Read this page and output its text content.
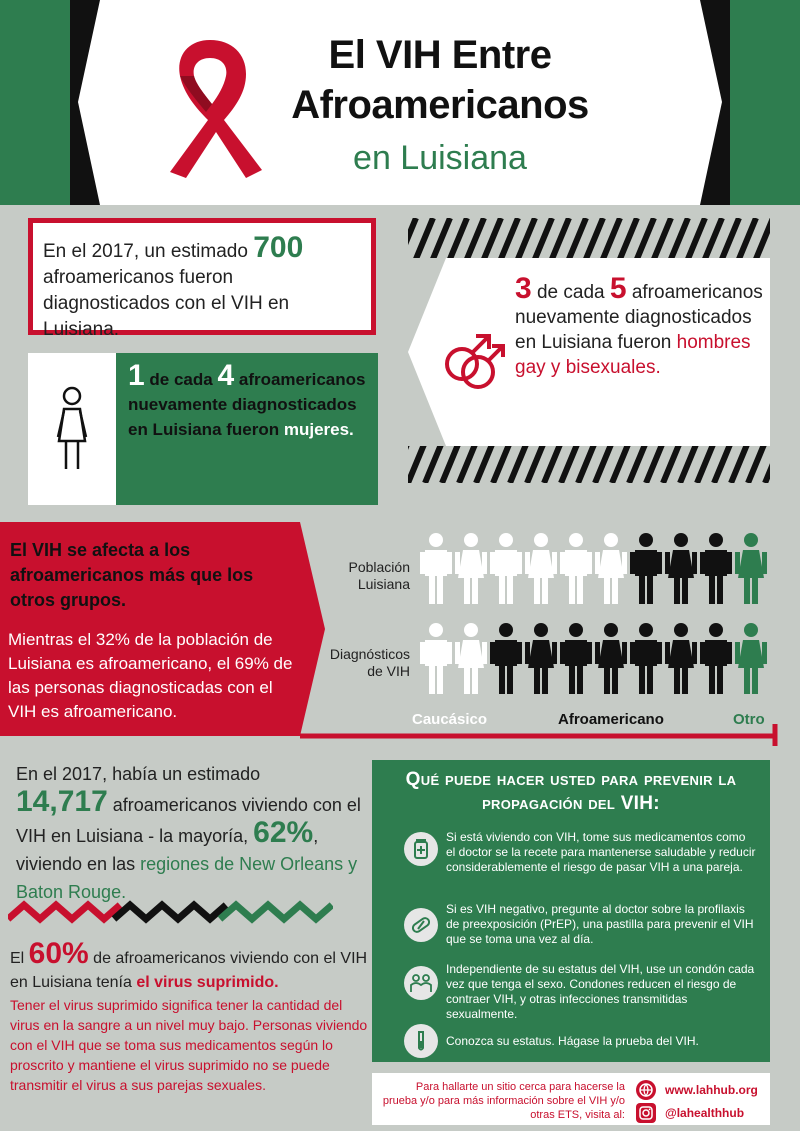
El VIH Entre
Afroamericanos
en Luisiana
En el 2017, un estimado 700 afroamericanos fueron diagnosticados con el VIH en Luisiana.
3 de cada 5 afroamericanos nuevamente diagnosticados en Luisiana fueron hombres gay y bisexuales.
1 de cada 4 afroamericanos nuevamente diagnosticados en Luisiana fueron mujeres.
El VIH se afecta a los afroamericanos más que los otros grupos.
Mientras el 32% de la población de Luisiana es afroamericano, el 69% de las personas diagnosticadas con el VIH es afroamericano.
Población Luisiana
Diagnósticos de VIH
Caucásico	Afroamericano	Otro
En el 2017, había un estimado
14,717 afroamericanos viviendo con el VIH en Luisiana - la mayoría, 62%, viviendo en las regiones de New Orleans y Baton Rouge.
El 60% de afroamericanos viviendo con el VIH en Luisiana tenía el virus suprimido.
Tener el virus suprimido significa tener la cantidad del virus en la sangre a un nivel muy bajo. Personas viviendo con el VIH que se toma sus medicamentos según lo proscrito y mantiene el virus suprimido no se puede transmitir el virus a sus parejas sexuales.
Qué puede hacer usted para prevenir la propagación del VIH:
Si está viviendo con VIH, tome sus medicamentos como el doctor se la recete para mantenerse saludable y reducir considerablemente el riesgo de pasar VIH a una pareja.
Si es VIH negativo, pregunte al doctor sobre la profilaxis de preexposición (PrEP), una pastilla para prevenir el VIH que se toma una vez al día.
Independiente de su estatus del VIH, use un condón cada vez que tenga el sexo. Condones reducen el riesgo de contraer VIH, y otras infecciones transmitidas sexualmente.
Conozca su estatus. Hágase la prueba del VIH.
Para hallarte un sitio cerca para hacerse la prueba y/o para más información sobre el VIH y/o otras ETS, visita al:
www.lahhub.org
@lahealthhub
